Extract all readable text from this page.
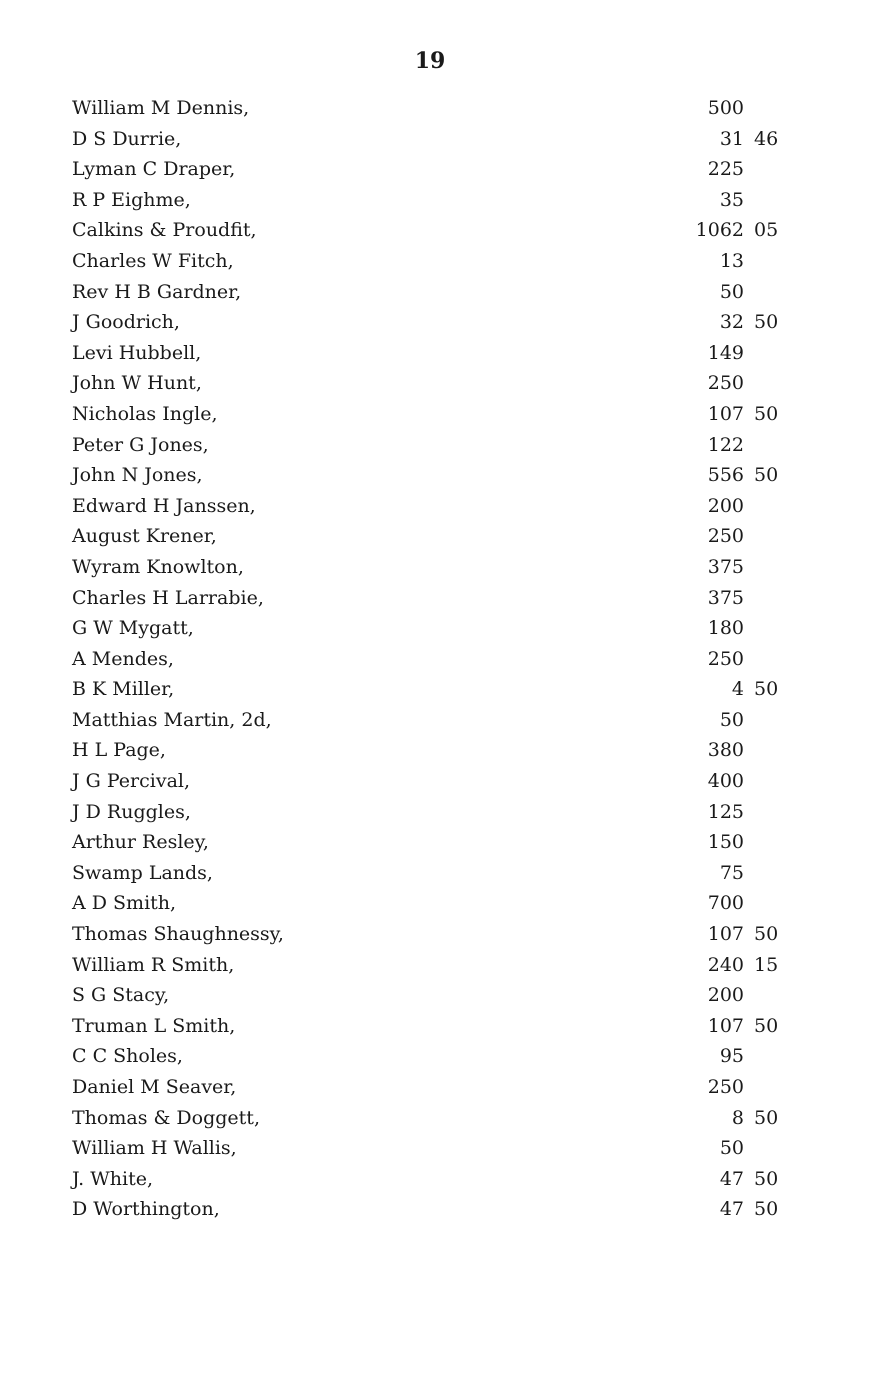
19
William M Dennis,	500
D S Durrie,	31 46
Lyman C Draper,	225
R P Eighme,	35
Calkins & Proudfit,	1062 05
Charles W Fitch,	13
Rev H B Gardner,	50
J Goodrich,	32 50
Levi Hubbell,	149
John W Hunt,	250
Nicholas Ingle,	107 50
Peter G Jones,	122
John N Jones,	556 50
Edward H Janssen,	200
August Krener,	250
Wyram Knowlton,	375
Charles H Larrabie,	375
G W Mygatt,	180
A Mendes,	250
B K Miller,	4 50
Matthias Martin, 2d,	50
H L Page,	380
J G Percival,	400
J D Ruggles,	125
Arthur Resley,	150
Swamp Lands,	75
A D Smith,	700
Thomas Shaughnessy,	107 50
William R Smith,	240 15
S G Stacy,	200
Truman L Smith,	107 50
C C Sholes,	95
Daniel M Seaver,	250
Thomas & Doggett,	8 50
William H Wallis,	50
J. White,	47 50
D Worthington,	47 50
